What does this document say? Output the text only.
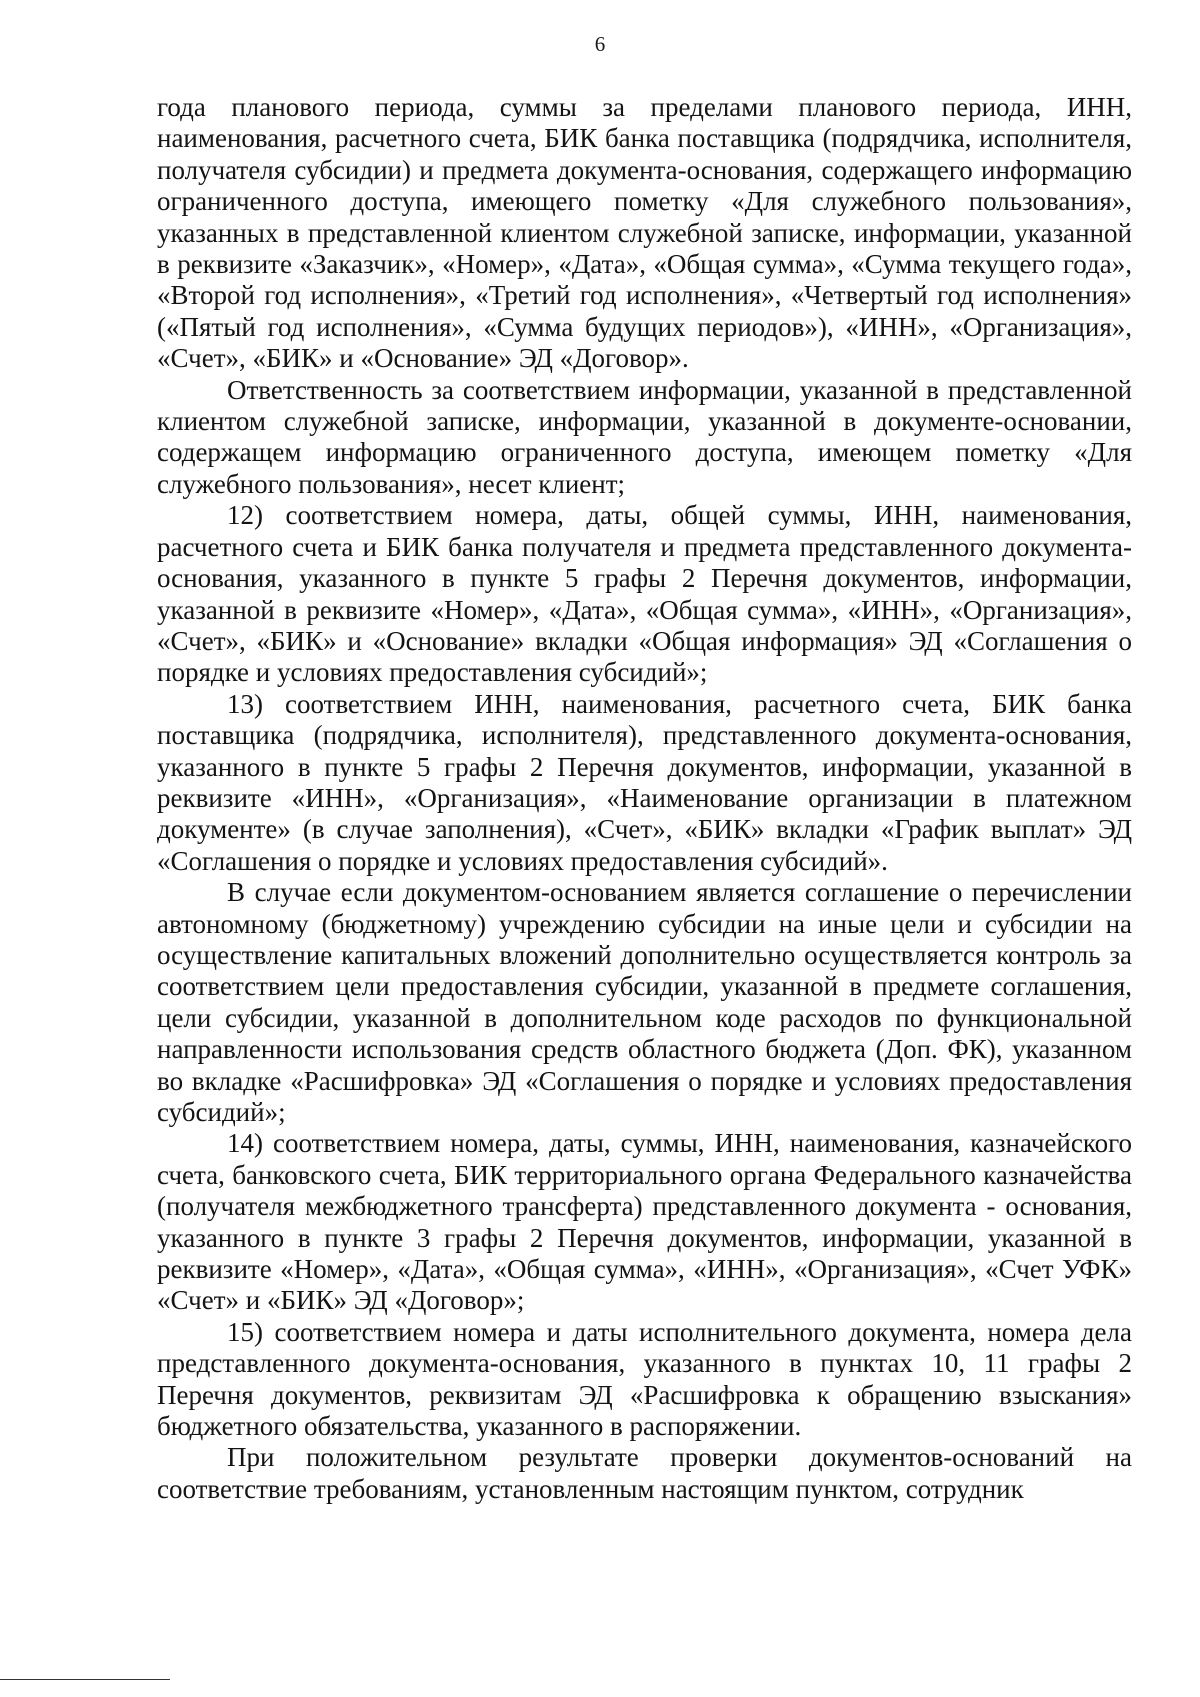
6

года планового периода, суммы за пределами планового периода, ИНН, наименования, расчетного счета, БИК банка поставщика (подрядчика, исполнителя, получателя субсидии) и предмета документа-основания, содержащего информацию ограниченного доступа, имеющего пометку «Для служебного пользования», указанных в представленной клиентом служебной записке, информации, указанной в реквизите «Заказчик», «Номер», «Дата», «Общая сумма», «Сумма текущего года», «Второй год исполнения», «Третий год исполнения», «Четвертый год исполнения» («Пятый год исполнения», «Сумма будущих периодов»), «ИНН», «Организация», «Счет», «БИК» и «Основание» ЭД «Договор».

Ответственность за соответствием информации, указанной в представленной клиентом служебной записке, информации, указанной в документе-основании, содержащем информацию ограниченного доступа, имеющем пометку «Для служебного пользования», несет клиент;

12) соответствием номера, даты, общей суммы, ИНН, наименования, расчетного счета и БИК банка получателя и предмета представленного документа-основания, указанного в пункте 5 графы 2 Перечня документов, информации, указанной в реквизите «Номер», «Дата», «Общая сумма», «ИНН», «Организация», «Счет», «БИК» и «Основание» вкладки «Общая информация» ЭД «Соглашения о порядке и условиях предоставления субсидий»;

13) соответствием ИНН, наименования, расчетного счета, БИК банка поставщика (подрядчика, исполнителя), представленного документа-основания, указанного в пункте 5 графы 2 Перечня документов, информации, указанной в реквизите «ИНН», «Организация», «Наименование организации в платежном документе» (в случае заполнения), «Счет», «БИК» вкладки «График выплат» ЭД «Соглашения о порядке и условиях предоставления субсидий».

В случае если документом-основанием является соглашение о перечислении автономному (бюджетному) учреждению субсидии на иные цели и субсидии на осуществление капитальных вложений дополнительно осуществляется контроль за соответствием цели предоставления субсидии, указанной в предмете соглашения, цели субсидии, указанной в дополнительном коде расходов по функциональной направленности использования средств областного бюджета (Доп. ФК), указанном во вкладке «Расшифровка» ЭД «Соглашения о порядке и условиях предоставления субсидий»;

14) соответствием номера, даты, суммы, ИНН, наименования, казначейского счета, банковского счета, БИК территориального органа Федерального казначейства (получателя межбюджетного трансферта) представленного документа - основания, указанного в пункте 3 графы 2 Перечня документов, информации, указанной в реквизите «Номер», «Дата», «Общая сумма», «ИНН», «Организация», «Счет УФК» «Счет» и «БИК» ЭД «Договор»;

15) соответствием номера и даты исполнительного документа, номера дела представленного документа-основания, указанного в пунктах 10, 11 графы 2 Перечня документов, реквизитам ЭД «Расшифровка к обращению взыскания» бюджетного обязательства, указанного в распоряжении.

При положительном результате проверки документов-оснований на соответствие требованиям, установленным настоящим пунктом, сотрудник
